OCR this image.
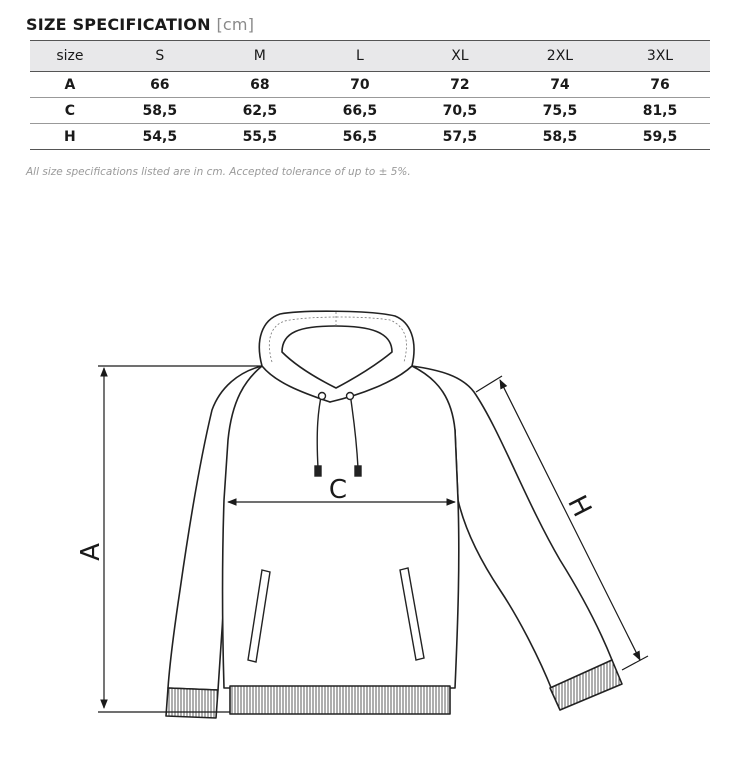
SIZE SPECIFICATION [cm]
size	S	M	L	XL	2XL	3XL
A	66	68	70	72	74	76
C	58,5	62,5	66,5	70,5	75,5	81,5
H	54,5	55,5	56,5	57,5	58,5	59,5
All size specifications listed are in cm. Accepted tolerance of up to ± 5%.
A
C
H
